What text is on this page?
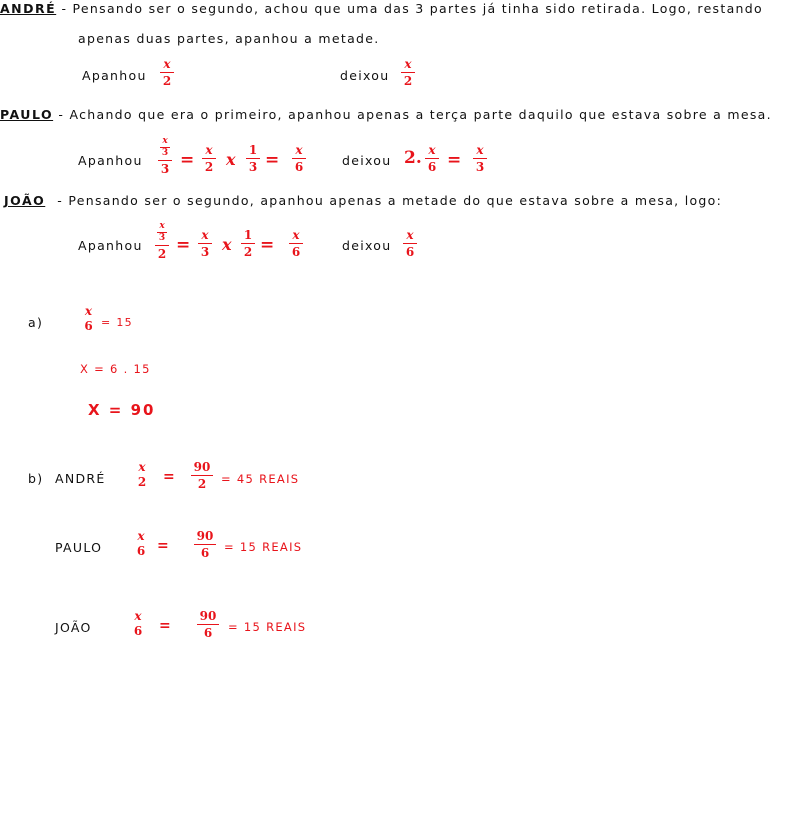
ANDRÉ - Pensando ser o segundo, achou que uma das 3 partes já tinha sido retirada. Logo, restando
apenas duas partes, apanhou a metade.
Apanhou
x
2	deixou
x
2
PAULO - Achando que era o primeiro, apanhou apenas a terça parte daquilo que estava sobre a mesa.
Apanhou
x
3
3 = x
2 x 1
3 = x
6	deixou 2. x
6 = x
3
JOÃO - Pensando ser o segundo, apanhou apenas a metade do que estava sobre a mesa, logo:
Apanhou
x
3
2 = x
3 x 1
2 = x
6	deixou
x
6
a)
x
6 = 15
X = 6 . 15
X = 90
b) ANDRÉ
x
2 =
90
2	= 45 REAIS
PAULO
x
6 =
90
6	= 15 REAIS
JOÃO
x
6 =
90
6	= 15 REAIS
